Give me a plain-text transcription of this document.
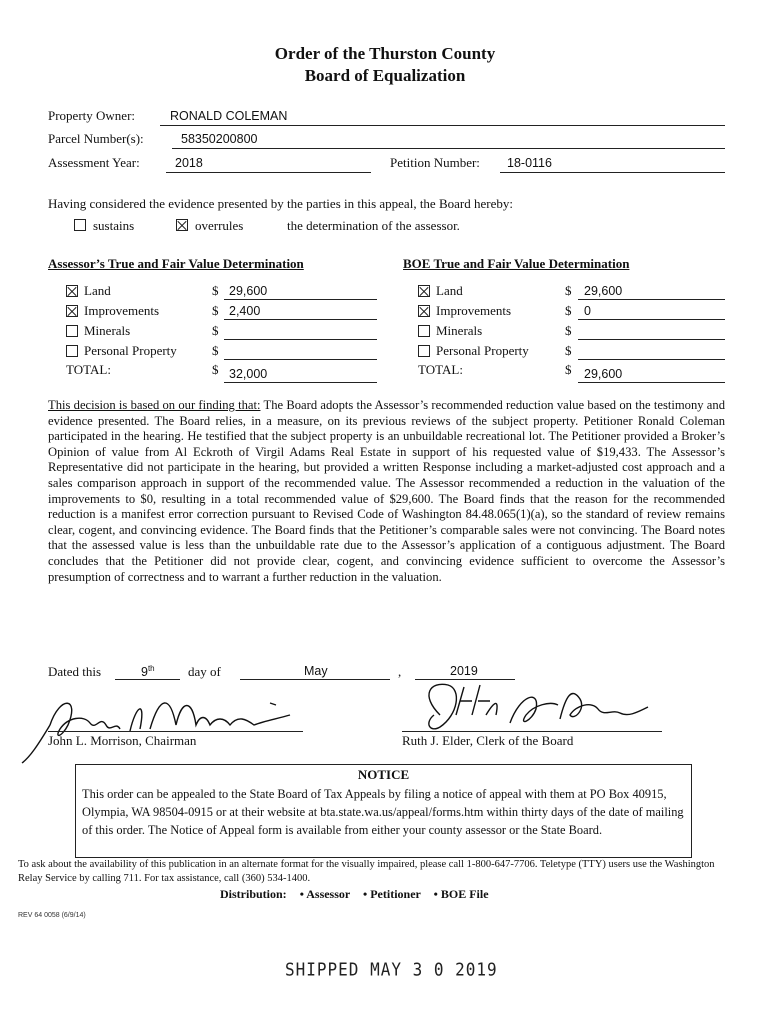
Order of the Thurston County
Board of Equalization
Property Owner:	RONALD COLEMAN
Parcel Number(s):	58350200800
Assessment Year:	2018	Petition Number: 18-0116
Having considered the evidence presented by the parties in this appeal, the Board hereby:
sustains	overrules	the determination of the assessor.
Assessor’s True and Fair Value Determination
Land	$ 29,600
Improvements	$ 2,400
Minerals	$
Personal Property	$
TOTAL:	$ 32,000
BOE True and Fair Value Determination
Land	$ 29,600
Improvements	$ 0
Minerals	$
Personal Property	$
TOTAL:	$ 29,600
This decision is based on our finding that: The Board adopts the Assessor’s recommended reduction value based on the testimony and evidence presented. The Board relies, in a measure, on its previous reviews of the subject property. Petitioner Ronald Coleman participated in the hearing. He testified that the subject property is an unbuildable recreational lot. The Petitioner provided a Broker’s Opinion of value from Al Eckroth of Virgil Adams Real Estate in support of his requested value of $19,433. The Assessor’s Representative did not participate in the hearing, but provided a written Response including a market-adjusted cost approach and a sales comparison approach in support of the recommended value. The Assessor recommended a reduction in the valuation of the improvements to $0, resulting in a total recommended value of $29,600. The Board finds that the reason for the recommended reduction is a manifest error correction pursuant to Revised Code of Washington 84.48.065(1)(a), so the standard of review remains clear, cogent, and convincing evidence. The Board finds that the Petitioner’s comparable sales were not convincing. The Board notes that the assessed value is less than the unbuildable rate due to the Assessor’s application of a contiguous adjustment. The Board concludes that the Petitioner did not provide clear, cogent, and convincing evidence sufficient to overcome the Assessor’s presumption of correctness and to warrant a further reduction in the valuation.
Dated this	9th	day of	May	,	2019
John L. Morrison, Chairman	Ruth J. Elder, Clerk of the Board
NOTICE
This order can be appealed to the State Board of Tax Appeals by filing a notice of appeal with them at PO Box 40915, Olympia, WA 98504-0915 or at their website at bta.state.wa.us/appeal/forms.htm within thirty days of the date of mailing of this order. The Notice of Appeal form is available from either your county assessor or the State Board.
To ask about the availability of this publication in an alternate format for the visually impaired, please call 1-800-647-7706. Teletype (TTY) users use the Washington Relay Service by calling 711. For tax assistance, call (360) 534-1400.
Distribution: • Assessor • Petitioner • BOE File
REV 64 0058 (6/9/14)
SHIPPED MAY 3 0 2019
